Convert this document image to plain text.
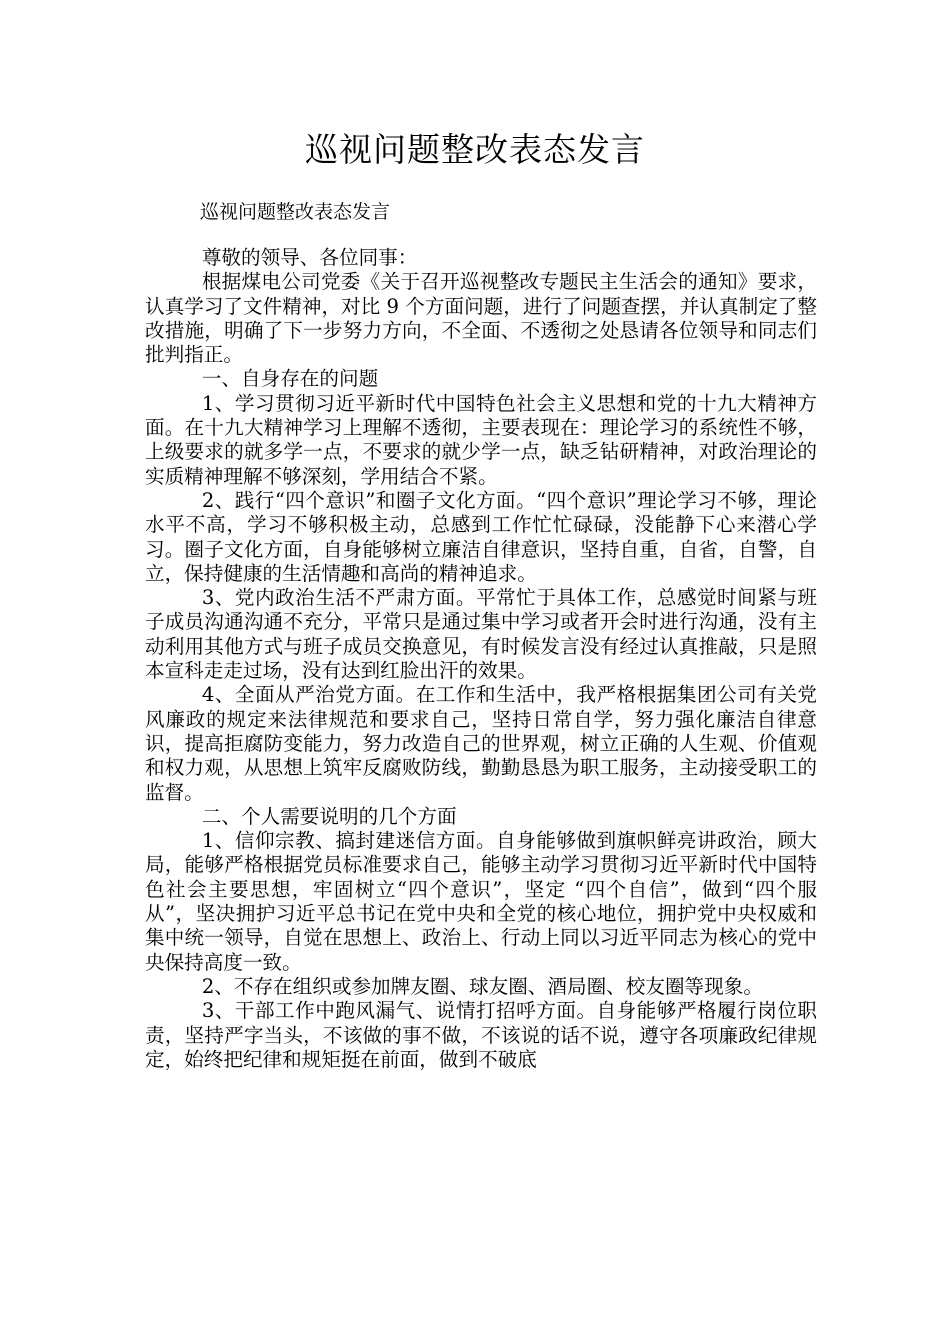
巡视问题整改表态发言
巡视问题整改表态发言

尊敬的领导、各位同事：

根据煤电公司党委《关于召开巡视整改专题民主生活会的通知》要求，认真学习了文件精神，对比 9 个方面问题，进行了问题查摆，并认真制定了整改措施，明确了下一步努力方向，不全面、不透彻之处恳请各位领导和同志们批判指正。

一、自身存在的问题

1、学习贯彻习近平新时代中国特色社会主义思想和党的十九大精神方面。在十九大精神学习上理解不透彻，主要表现在：理论学习的系统性不够，上级要求的就多学一点，不要求的就少学一点，缺乏钻研精神，对政治理论的实质精神理解不够深刻，学用结合不紧。

2、践行“四个意识”和圈子文化方面。“四个意识”理论学习不够，理论水平不高，学习不够积极主动，总感到工作忙忙碌碌，没能静下心来潜心学习。圈子文化方面，自身能够树立廉洁自律意识，坚持自重，自省，自警，自立，保持健康的生活情趣和高尚的精神追求。

3、党内政治生活不严肃方面。平常忙于具体工作，总感觉时间紧与班子成员沟通沟通不充分，平常只是通过集中学习或者开会时进行沟通，没有主动利用其他方式与班子成员交换意见，有时候发言没有经过认真推敲，只是照本宣科走走过场，没有达到红脸出汗的效果。

4、全面从严治党方面。在工作和生活中，我严格根据集团公司有关党风廉政的规定来法律规范和要求自己，坚持日常自学，努力强化廉洁自律意识，提高拒腐防变能力，努力改造自己的世界观，树立正确的人生观、价值观和权力观，从思想上筑牢反腐败防线，勤勤恳恳为职工服务，主动接受职工的监督。

二、个人需要说明的几个方面

1、信仰宗教、搞封建迷信方面。自身能够做到旗帜鲜亮讲政治，顾大局，能够严格根据党员标准要求自己，能够主动学习贯彻习近平新时代中国特色社会主要思想，牢固树立“四个意识”，坚定 “四个自信”，做到“四个服从”，坚决拥护习近平总书记在党中央和全党的核心地位，拥护党中央权威和集中统一领导，自觉在思想上、政治上、行动上同以习近平同志为核心的党中央保持高度一致。

2、不存在组织或参加牌友圈、球友圈、酒局圈、校友圈等现象。

3、干部工作中跑风漏气、说情打招呼方面。自身能够严格履行岗位职责，坚持严字当头，不该做的事不做，不该说的话不说，遵守各项廉政纪律规定，始终把纪律和规矩挺在前面，做到不破底
